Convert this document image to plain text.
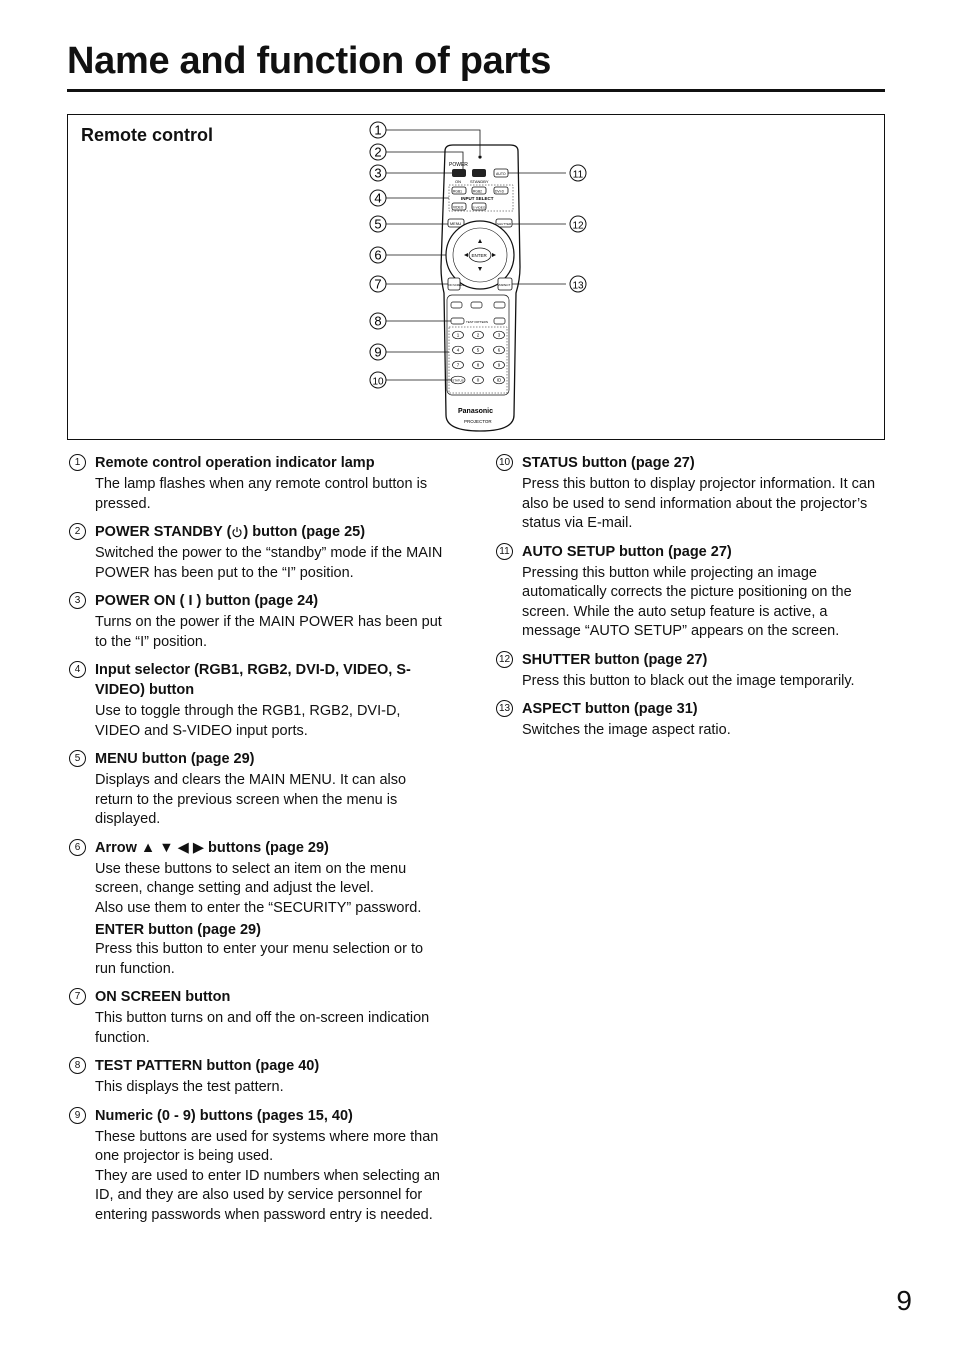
Name and function of parts
Remote control
POWER
ON STANDBY
AUTO
RGB1	RGB2	DVI-D
INPUT SELECT
VIDEO	S-VIDEO
MENU	SHUTTER
ENTER
ON SCREEN	ASPECT
TEST PATTERN
1	2	3
4	5	6
7	8	9
STATUS	0	ID
Panasonic
PROJECTOR
1
2
3
4
5
6
7
8
9
10
11
12
13
1	Remote control operation indicator lamp
The lamp flashes when any remote control button is pressed.
2	POWER STANDBY ( ) button (page 25)
Switched the power to the “standby” mode if the MAIN POWER has been put to the “I” position.
3	POWER ON ( I ) button (page 24)
Turns on the power if the MAIN POWER has been put to the “I” position.
4	Input selector (RGB1, RGB2, DVI-D, VIDEO, S-VIDEO) button
Use to toggle through the RGB1, RGB2, DVI-D, VIDEO and S-VIDEO input ports.
5	MENU button (page 29)
Displays and clears the MAIN MENU. It can also return to the previous screen when the menu is displayed.
6	Arrow ▲ ▼ ◀ ▶ buttons (page 29)
Use these buttons to select an item on the menu screen, change setting and adjust the level.
Also use them to enter the “SECURITY” password.
ENTER button (page 29)
Press this button to enter your menu selection or to run function.
7	ON SCREEN button
This button turns on and off the on-screen indication function.
8	TEST PATTERN button (page 40)
This displays the test pattern.
9	Numeric (0 - 9) buttons (pages 15, 40)
These buttons are used for systems where more than one projector is being used.
They are used to enter ID numbers when selecting an ID, and they are also used by service personnel for entering passwords when password entry is needed.
10 STATUS button (page 27)
Press this button to display projector information. It can also be used to send information about the projector’s status via E-mail.
11 AUTO SETUP button (page 27)
Pressing this button while projecting an image automatically corrects the picture positioning on the screen. While the auto setup feature is active, a message “AUTO SETUP” appears on the screen.
12 SHUTTER button (page 27)
Press this button to black out the image temporarily.
13 ASPECT button (page 31)
Switches the image aspect ratio.
9
